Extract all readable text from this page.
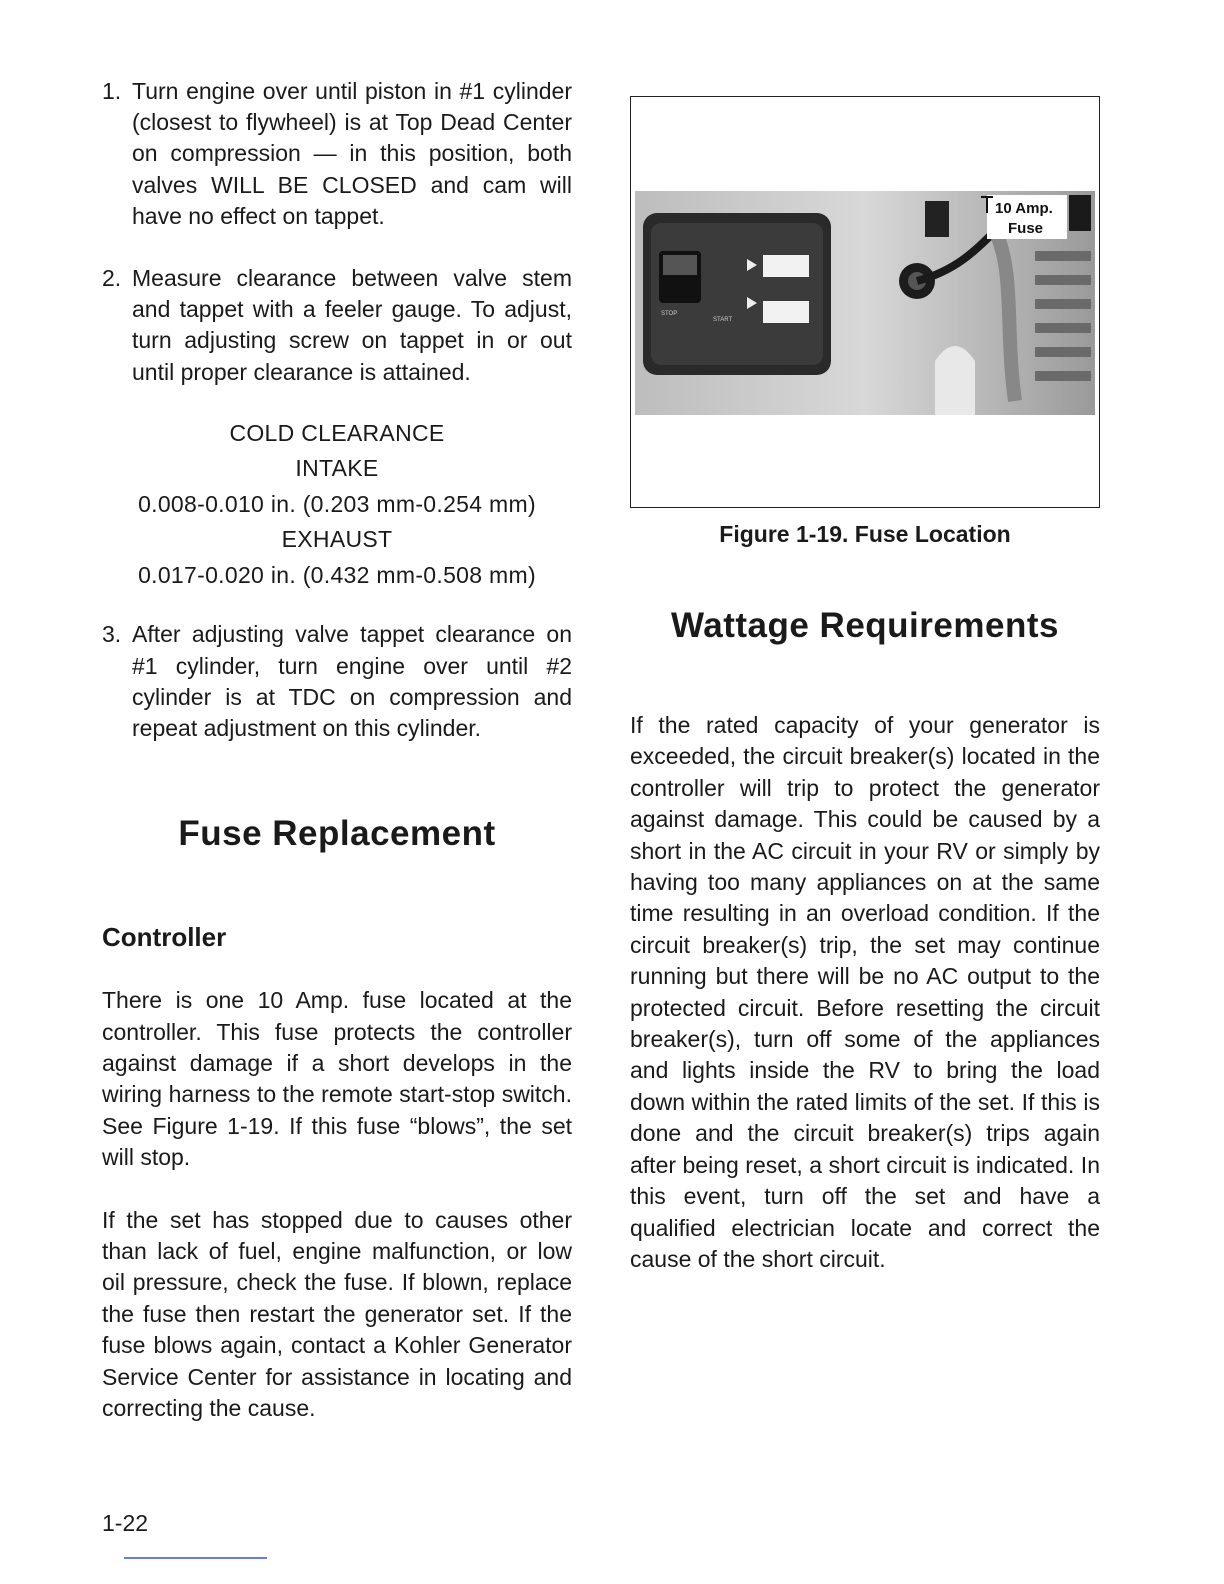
1. Turn engine over until piston in #1 cylinder (closest to flywheel) is at Top Dead Center on compression — in this position, both valves WILL BE CLOSED and cam will have no effect on tappet.
2. Measure clearance between valve stem and tappet with a feeler gauge. To adjust, turn adjusting screw on tappet in or out until proper clearance is attained.
COLD CLEARANCE
INTAKE
0.008-0.010 in. (0.203 mm-0.254 mm)
EXHAUST
0.017-0.020 in. (0.432 mm-0.508 mm)
3. After adjusting valve tappet clearance on #1 cylinder, turn engine over until #2 cylinder is at TDC on compression and repeat adjustment on this cylinder.
Fuse Replacement
Controller

There is one 10 Amp. fuse located at the controller. This fuse protects the controller against damage if a short develops in the wiring harness to the remote start-stop switch. See Figure 1-19. If this fuse “blows”, the set will stop.

If the set has stopped due to causes other than lack of fuel, engine malfunction, or low oil pressure, check the fuse. If blown, replace the fuse then restart the generator set. If the fuse blows again, contact a Kohler Generator Service Center for assistance in locating and correcting the cause.

STOP
START
10 Amp.
Fuse
Figure 1-19. Fuse Location
Wattage Requirements

If the rated capacity of your generator is exceeded, the circuit breaker(s) located in the controller will trip to protect the generator against damage. This could be caused by a short in the AC circuit in your RV or simply by having too many appliances on at the same time resulting in an overload condition. If the circuit breaker(s) trip, the set may continue running but there will be no AC output to the protected circuit. Before resetting the circuit breaker(s), turn off some of the appliances and lights inside the RV to bring the load down within the rated limits of the set. If this is done and the circuit breaker(s) trips again after being reset, a short circuit is indicated. In this event, turn off the set and have a qualified electrician locate and correct the cause of the short circuit.

1-22
